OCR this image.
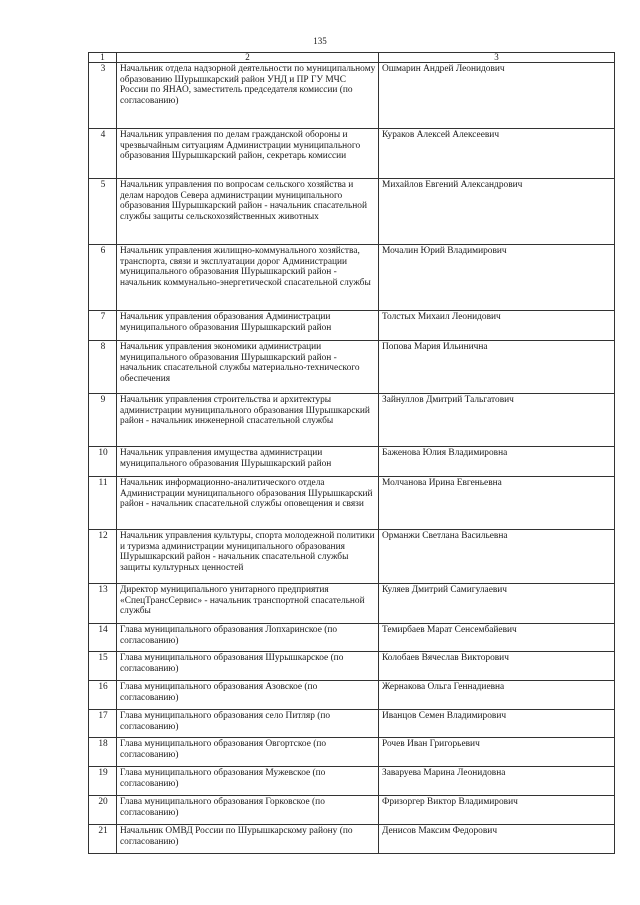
135
1	2	3
3	Начальник отдела надзорной деятельности по муниципальному образованию Шурышкарский район УНД и ПР ГУ МЧС России по ЯНАО, заместитель председателя комиссии (по согласованию)	Ошмарин Андрей Леонидович
4	Начальник управления по делам гражданской обороны и чрезвычайным ситуациям Администрации муниципального образования Шурышкарский район, секретарь комиссии	Кураков Алексей Алексеевич
5	Начальник управления по вопросам сельского хозяйства и делам народов Севера администрации муниципального образования Шурышкарский район - начальник спасательной службы защиты сельскохозяйственных животных	Михайлов Евгений Александрович
6	Начальник управления жилищно-коммунального хозяйства, транспорта, связи и эксплуатации дорог Администрации муниципального образования Шурышкарский район - начальник коммунально-энергетической спасательной службы	Мочалин Юрий Владимирович
7	Начальник управления образования Администрации муниципального образования Шурышкарский район	Толстых Михаил Леонидович
8	Начальник управления экономики администрации муниципального образования Шурышкарский район - начальник спасательной службы материально-технического обеспечения	Попова Мария Ильинична
9	Начальник управления строительства и архитектуры администрации муниципального образования Шурышкарский район - начальник инженерной спасательной службы	Зайнуллов Дмитрий Тальгатович
10	Начальник управления имущества администрации муниципального образования Шурышкарский район	Баженова Юлия Владимировна
11	Начальник информационно-аналитического отдела Администрации муниципального образования Шурышкарский район - начальник спасательной службы оповещения и связи	Молчанова Ирина Евгеньевна
12	Начальник управления культуры, спорта молодежной политики и туризма администрации муниципального образования Шурышкарский район - начальник спасательной службы защиты культурных ценностей	Орманжи Светлана Васильевна
13	Директор муниципального унитарного предприятия «СпецТрансСервис» - начальник транспортной спасательной службы	Куляев Дмитрий Самигулаевич
14	Глава муниципального образования Лопхаринское (по согласованию)	Темирбаев Марат Сенсембайевич
15	Глава муниципального образования Шурышкарское (по согласованию)	Колобаев Вячеслав Викторович
16	Глава муниципального образования Азовское (по согласованию)	Жернакова Ольга Геннадиевна
17	Глава муниципального образования село Питляр (по согласованию)	Иванцов Семен Владимирович
18	Глава муниципального образования Овгортское (по согласованию)	Рочев Иван Григорьевич
19	Глава муниципального образования Мужевское (по согласованию)	Заваруева Марина Леонидовна
20	Глава муниципального образования Горковское (по согласованию)	Фризоргер Виктор Владимирович
21	Начальник ОМВД России по Шурышкарскому району (по согласованию)	Денисов Максим Федорович
